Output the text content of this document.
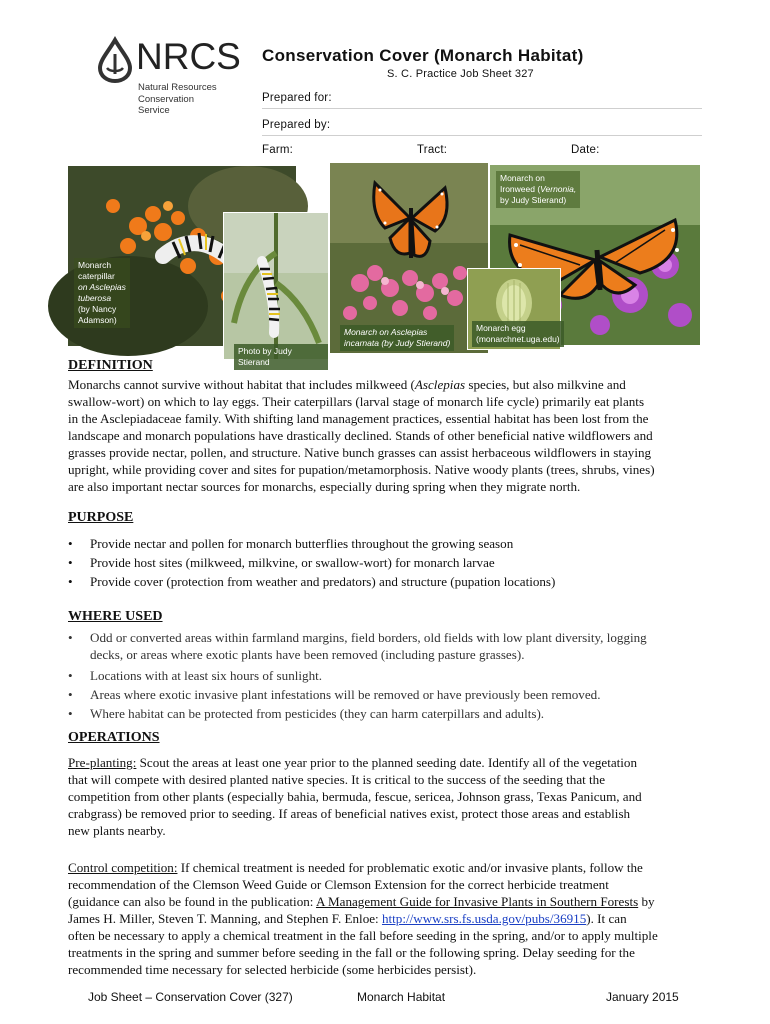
NRCS
Natural Resources
Conservation Service
Conservation Cover (Monarch Habitat)
S. C. Practice Job Sheet 327
Prepared for:
Prepared by:
Farm:	Tract:	Date:
Monarch
caterpillar
on Asclepias
tuberosa
(by Nancy
Adamson)
Photo by Judy Stierand
Monarch on Asclepias
incarnata (by Judy Stierand)
Monarch on
Ironweed (Vernonia,
by Judy Stierand)
Monarch egg
(monarchnet.uga.edu)
DEFINITION
Monarchs cannot survive without habitat that includes milkweed (Asclepias species, but also milkvine and
swallow-wort) on which to lay eggs. Their caterpillars (larval stage of monarch life cycle) primarily eat plants
in the Asclepiadaceae family. With shifting land management practices, essential habitat has been lost from the
landscape and monarch populations have drastically declined. Stands of other beneficial native wildflowers and
grasses provide nectar, pollen, and structure. Native bunch grasses can assist herbaceous wildflowers in staying
upright, while providing cover and sites for pupation/metamorphosis. Native woody plants (trees, shrubs, vines)
are also important nectar sources for monarchs, especially during spring when they migrate north.
PURPOSE
• Provide nectar and pollen for monarch butterflies throughout the growing season
• Provide host sites (milkweed, milkvine, or swallow-wort) for monarch larvae
• Provide cover (protection from weather and predators) and structure (pupation locations)
WHERE USED
• Odd or converted areas within farmland margins, field borders, old fields with low plant diversity, logging
decks, or areas where exotic plants have been removed (including pasture grasses).
• Locations with at least six hours of sunlight.
• Areas where exotic invasive plant infestations will be removed or have previously been removed.
• Where habitat can be protected from pesticides (they can harm caterpillars and adults).
OPERATIONS
Pre-planting: Scout the areas at least one year prior to the planned seeding date. Identify all of the vegetation
that will compete with desired planted native species. It is critical to the success of the seeding that the
competition from other plants (especially bahia, bermuda, fescue, sericea, Johnson grass, Texas Panicum, and
crabgrass) be removed prior to seeding. If areas of beneficial natives exist, protect those areas and establish
new plants nearby.
Control competition: If chemical treatment is needed for problematic exotic and/or invasive plants, follow the
recommendation of the Clemson Weed Guide or Clemson Extension for the correct herbicide treatment
(guidance can also be found in the publication: A Management Guide for Invasive Plants in Southern Forests by
James H. Miller, Steven T. Manning, and Stephen F. Enloe: http://www.srs.fs.usda.gov/pubs/36915). It can
often be necessary to apply a chemical treatment in the fall before seeding in the spring, and/or to apply multiple
treatments in the spring and summer before seeding in the fall or the following spring. Delay seeding for the
recommended time necessary for selected herbicide (some herbicides persist).
Job Sheet – Conservation Cover (327)	Monarch Habitat	January 2015
